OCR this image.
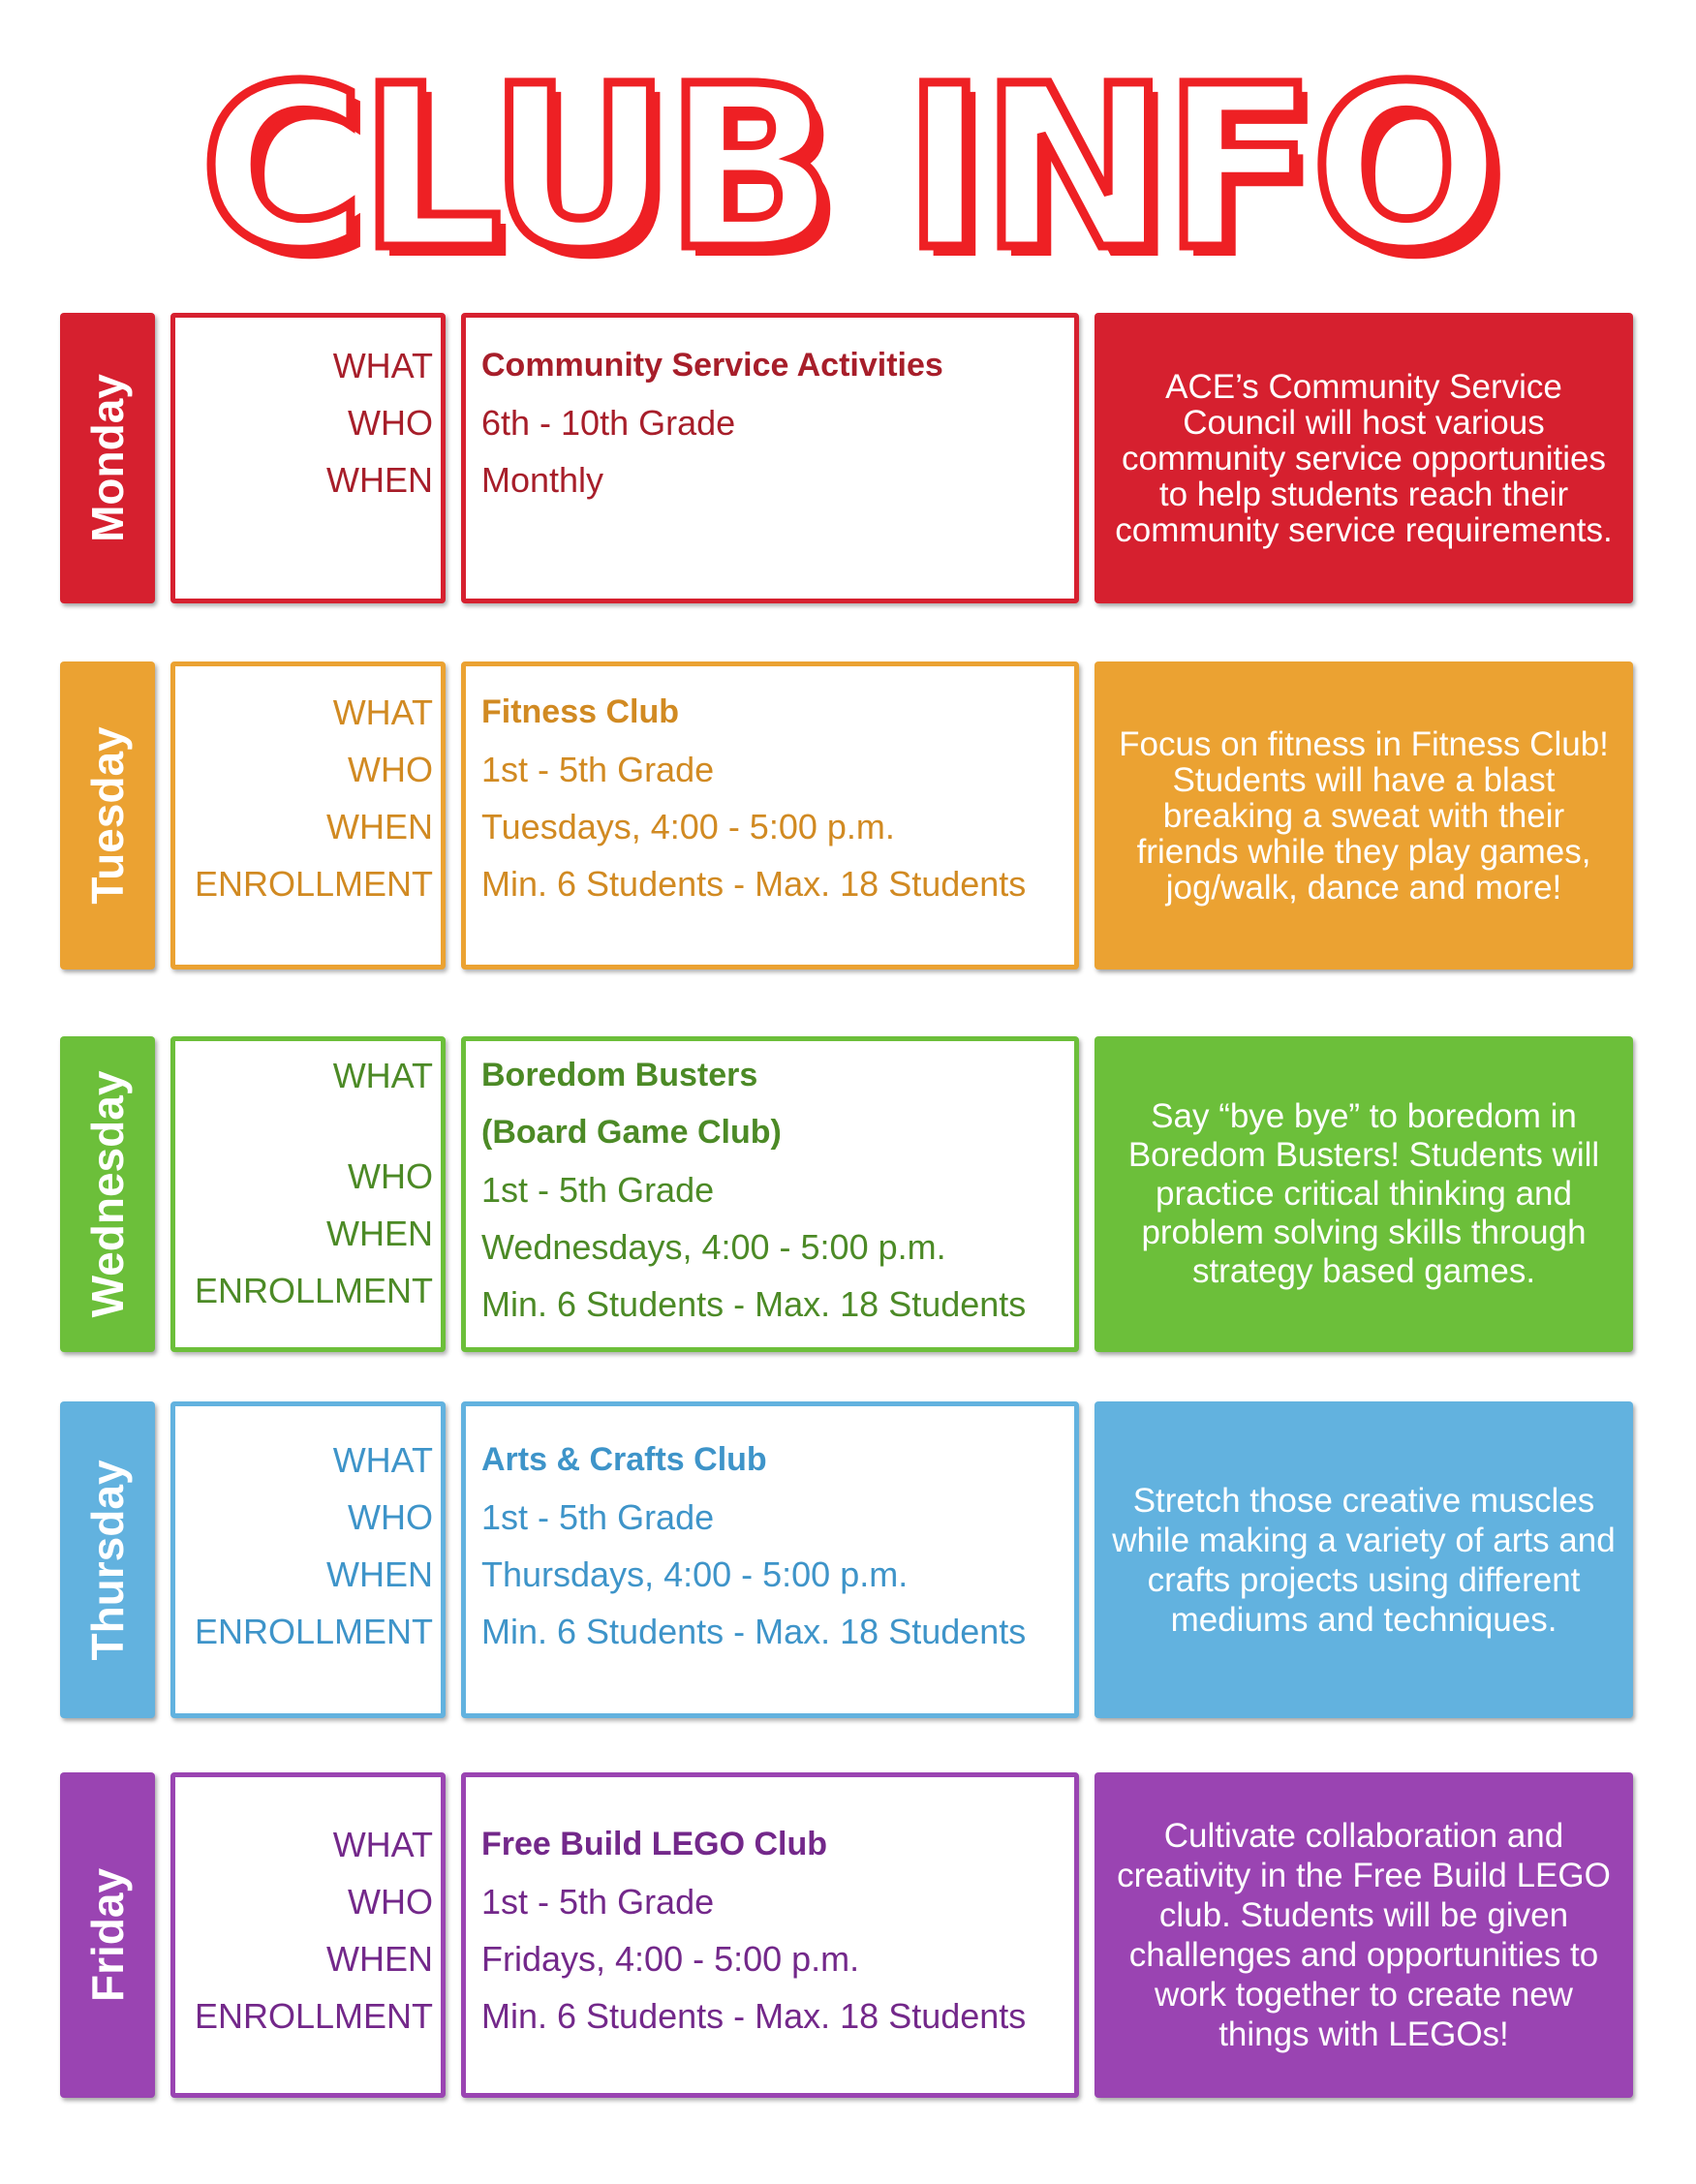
CLUB INFO
Monday
WHAT
WHO
WHEN
Community Service Activities
6th - 10th Grade
Monthly
ACE’s Community Service Council will host various community service opportunities to help students reach their community service requirements.
Tuesday
WHAT
WHO
WHEN
ENROLLMENT
Fitness Club
1st - 5th Grade
Tuesdays, 4:00 - 5:00 p.m.
Min. 6 Students - Max. 18 Students
Focus on fitness in Fitness Club! Students will have a blast breaking a sweat with their friends while they play games, jog/walk, dance and more!
Wednesday	WHAT
WHO
WHEN
ENROLLMENT
Boredom Busters
(Board Game Club)
1st - 5th Grade
Wednesdays, 4:00 - 5:00 p.m.
Min. 6 Students - Max. 18 Students
Say “bye bye” to boredom in Boredom Busters! Students will practice critical thinking and problem solving skills through strategy based games.
Thursday	WHAT
WHO
WHEN
ENROLLMENT
Arts & Crafts Club
1st - 5th Grade
Thursdays, 4:00 - 5:00 p.m.
Min. 6 Students - Max. 18 Students
Stretch those creative muscles while making a variety of arts and crafts projects using different mediums and techniques.
Friday
WHAT
WHO
WHEN
ENROLLMENT
Free Build LEGO Club
1st - 5th Grade
Fridays, 4:00 - 5:00 p.m.
Min. 6 Students - Max. 18 Students
Cultivate collaboration and creativity in the Free Build LEGO club. Students will be given challenges and opportunities to work together to create new things with LEGOs!
